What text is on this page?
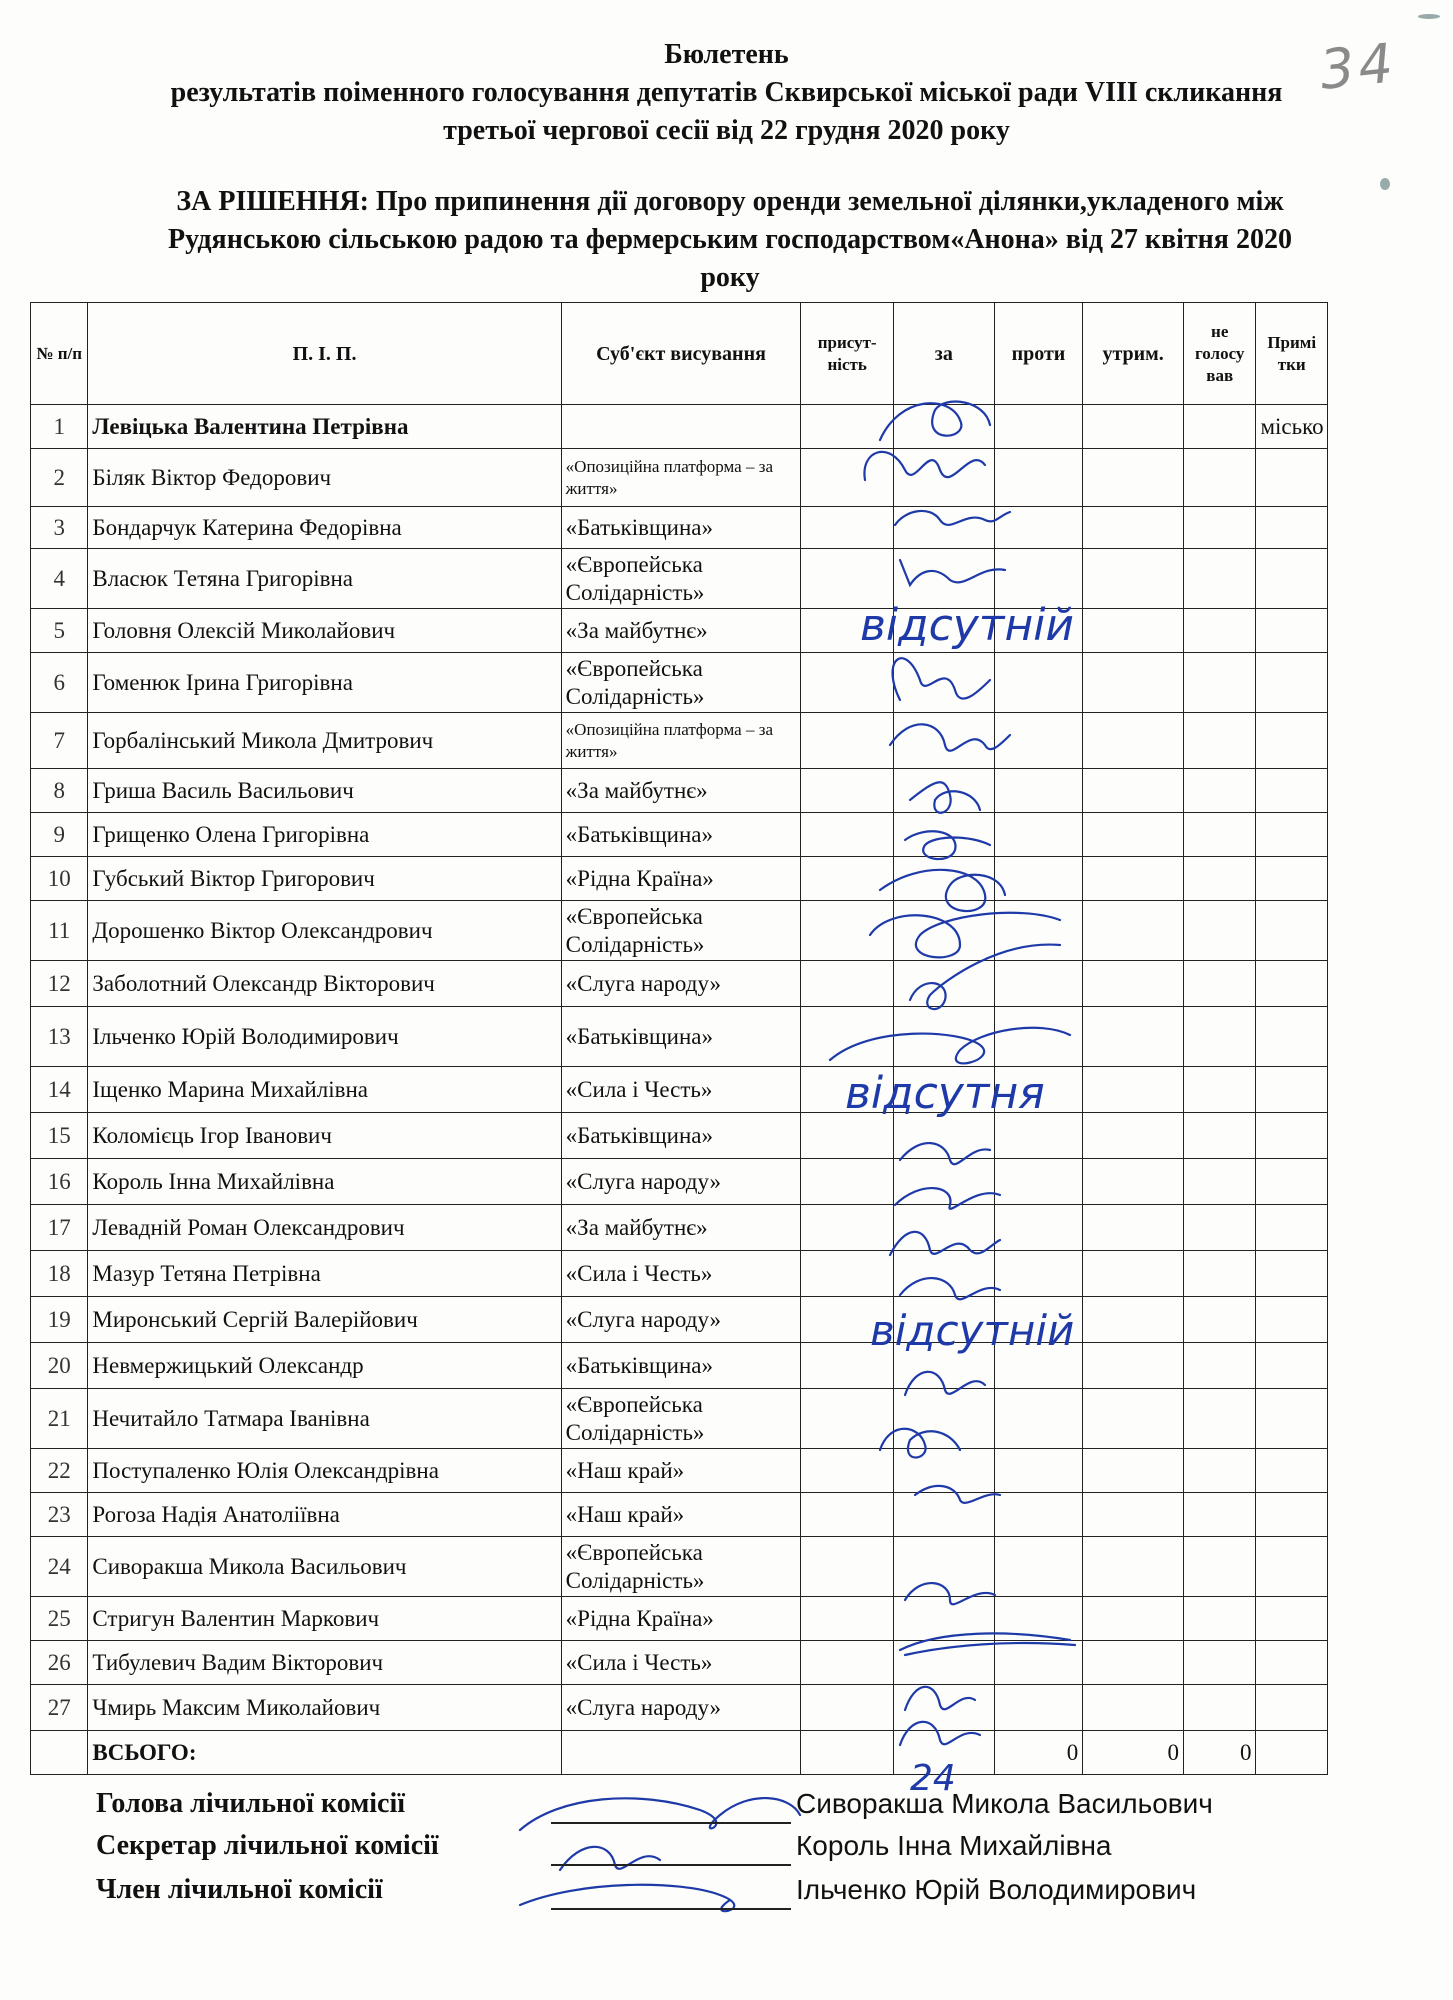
34
Бюлетень
результатів поіменного голосування депутатів Сквирської міської ради VIII скликання
третьої чергової сесії від 22 грудня 2020 року
ЗА РІШЕННЯ: Про припинення дії договору оренди земельної ділянки,укладеного між
Рудянською сільською радою та фермерським господарством«Анона» від 27 квітня 2020
року
№ п/п	П. І. П.	Суб'єкт висування	присут-ність	за	проти	утрим.	не голосу вав	Примі тки
1	Левіцька Валентина Петрівна							місько
2	Біляк Віктор Федорович	«Опозиційна платформа – за життя»						
3	Бондарчук Катерина Федорівна	«Батьківщина»						
4	Власюк Тетяна Григорівна	«Європейська Солідарність»						
5	Головня Олексій Миколайович	«За майбутнє»						
6	Гоменюк Ірина Григорівна	«Європейська Солідарність»						
7	Горбалінський Микола Дмитрович	«Опозиційна платформа – за життя»						
8	Гриша Василь Васильович	«За майбутнє»						
9	Грищенко Олена Григорівна	«Батьківщина»						
10	Губський Віктор Григорович	«Рідна Країна»						
11	Дорошенко Віктор Олександрович	«Європейська Солідарність»						
12	Заболотний Олександр Вікторович	«Слуга народу»						
13	Ільченко Юрій Володимирович	«Батьківщина»						
14	Іщенко Марина Михайлівна	«Сила і Честь»						
15	Коломієць Ігор Іванович	«Батьківщина»						
16	Король Інна Михайлівна	«Слуга народу»						
17	Левадній Роман Олександрович	«За майбутнє»						
18	Мазур Тетяна Петрівна	«Сила і Честь»						
19	Миронський Сергій Валерійович	«Слуга народу»						
20	Невмержицький Олександр	«Батьківщина»						
21	Нечитайло Татмара Іванівна	«Європейська Солідарність»						
22	Поступаленко Юлія Олександрівна	«Наш край»						
23	Рогоза Надія Анатоліївна	«Наш край»						
24	Сиворакша Микола Васильович	«Європейська Солідарність»						
25	Стригун Валентин Маркович	«Рідна Країна»						
26	Тибулевич Вадим Вікторович	«Сила і Честь»						
27	Чмирь Максим Миколайович	«Слуга народу»						
	ВСЬОГО:				0	0	0	
відсутній
відсутня
відсутній
24
Голова лічильної комісії	Сиворакша Микола Васильович
Секретар лічильної комісії	Король Інна Михайлівна
Член лічильної комісії	Ільченко Юрій Володимирович
